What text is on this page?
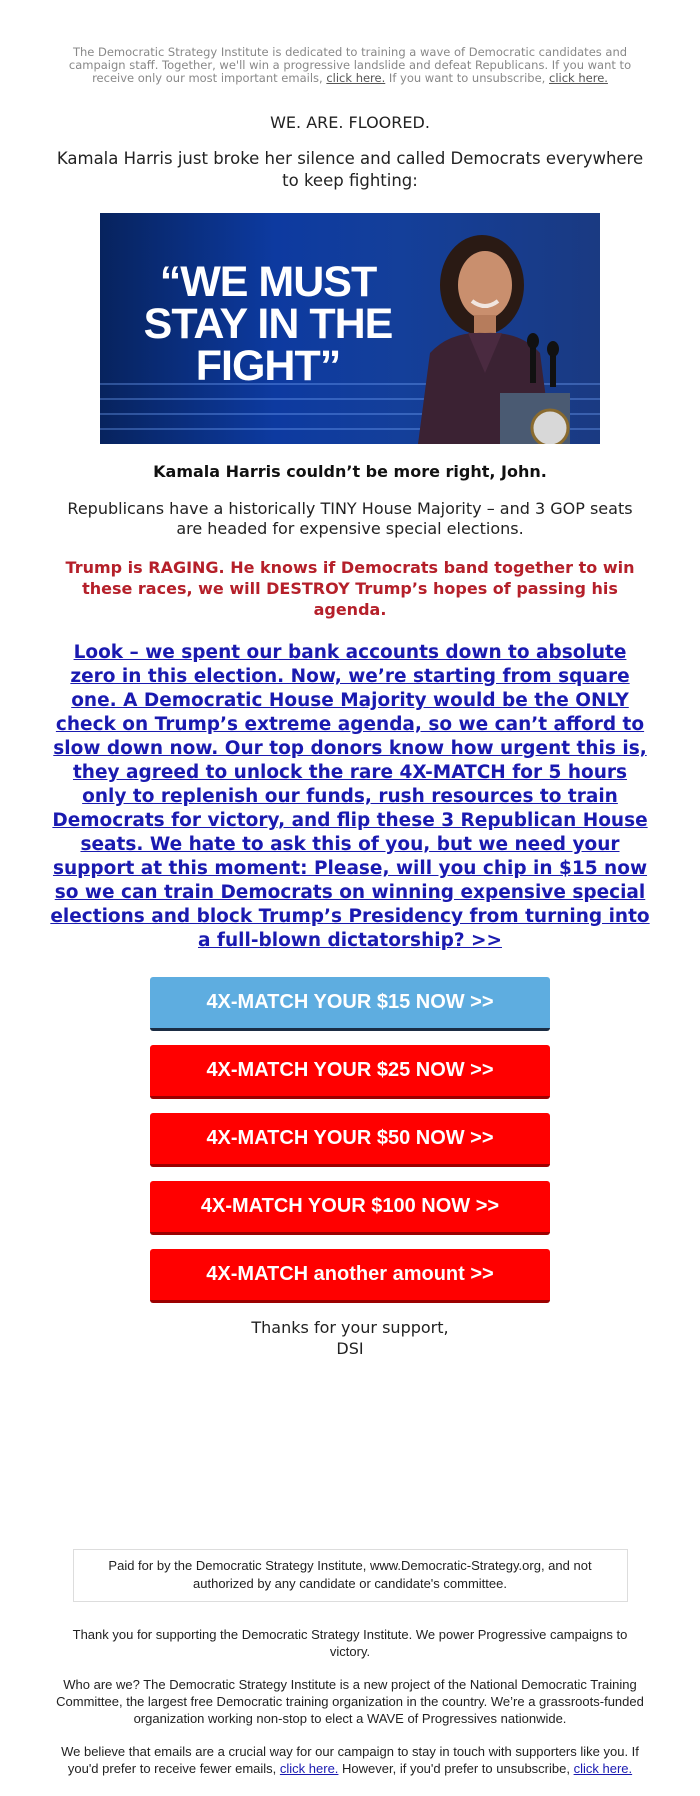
The Democratic Strategy Institute is dedicated to training a wave of Democratic candidates and campaign staff. Together, we'll win a progressive landslide and defeat Republicans. If you want to receive only our most important emails, click here. If you want to unsubscribe, click here.
WE. ARE. FLOORED.
Kamala Harris just broke her silence and called Democrats everywhere to keep fighting:
“WE MUST
STAY IN THE
FIGHT”
Kamala Harris couldn’t be more right, John.
Republicans have a historically TINY House Majority – and 3 GOP seats are headed for expensive special elections.
Trump is RAGING. He knows if Democrats band together to win these races, we will DESTROY Trump’s hopes of passing his agenda.
Look – we spent our bank accounts down to absolute zero in this election. Now, we’re starting from square one. A Democratic House Majority would be the ONLY check on Trump’s extreme agenda, so we can’t afford to slow down now. Our top donors know how urgent this is, they agreed to unlock the rare 4X-MATCH for 5 hours only to replenish our funds, rush resources to train Democrats for victory, and flip these 3 Republican House seats. We hate to ask this of you, but we need your support at this moment: Please, will you chip in $15 now so we can train Democrats on winning expensive special elections and block Trump’s Presidency from turning into a full-blown dictatorship? >>
4X-MATCH YOUR $15 NOW >>
4X-MATCH YOUR $25 NOW >>
4X-MATCH YOUR $50 NOW >>
4X-MATCH YOUR $100 NOW >>
4X-MATCH another amount >>
Thanks for your support,
DSI
Paid for by the Democratic Strategy Institute, www.Democratic-Strategy.org, and not authorized by any candidate or candidate's committee.
Thank you for supporting the Democratic Strategy Institute. We power Progressive campaigns to victory.
Who are we? The Democratic Strategy Institute is a new project of the National Democratic Training Committee, the largest free Democratic training organization in the country. We’re a grassroots-funded organization working non-stop to elect a WAVE of Progressives nationwide.
We believe that emails are a crucial way for our campaign to stay in touch with supporters like you. If you'd prefer to receive fewer emails, click here. However, if you'd prefer to unsubscribe, click here.
